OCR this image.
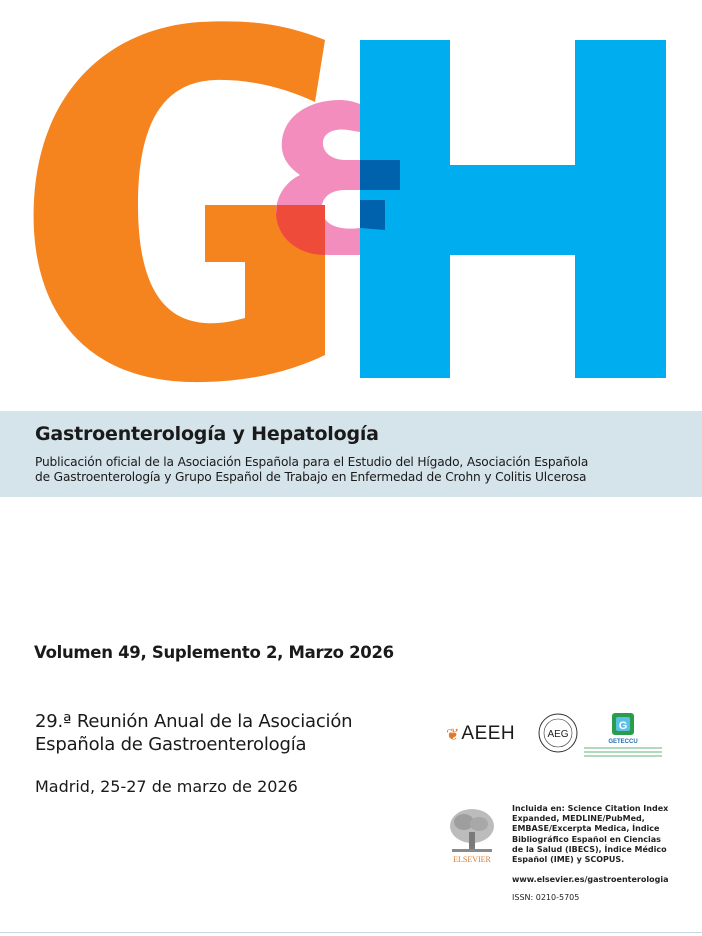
Gastroenterología y Hepatología
Publicación oficial de la Asociación Española para el Estudio del Hígado, Asociación Española
de Gastroenterología y Grupo Español de Trabajo en Enfermedad de Crohn y Colitis Ulcerosa
Volumen 49, Suplemento 2, Marzo 2026
29.ª Reunión Anual de la Asociación
Española de Gastroenterología
Madrid, 25-27 de marzo de 2026
❦ AEEH	AEG
G
GETECCU
ELSEVIER
Incluida en: Science Citation Index
Expanded, MEDLINE/PubMed,
EMBASE/Excerpta Medica, Índice
Bibliográfico Español en Ciencias
de la Salud (IBECS), Índice Médico
Español (IME) y SCOPUS.
www.elsevier.es/gastroenterologia
ISSN: 0210-5705
